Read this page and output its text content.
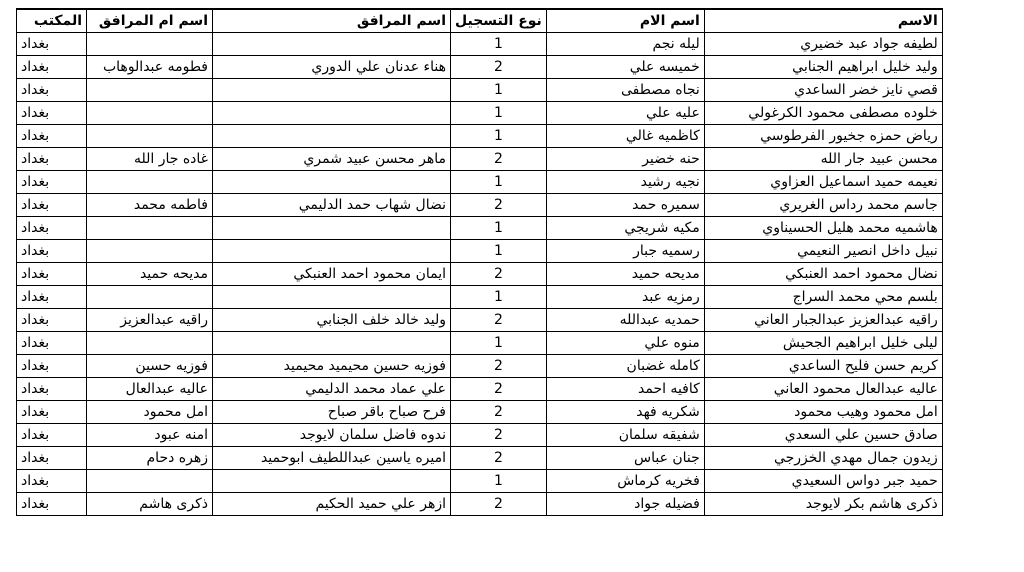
الاسم	اسم الام	نوع التسجيل	اسم المرافق	اسم ام المرافق	المكتب
لطيفه جواد عبد خضيري	ليله نجم	1			بغداد
وليد خليل ابراهيم الجنابي	خميسه علي	2	هناء عدنان علي الدوري	فطومه عبدالوهاب	بغداد
قصي نايز خضر الساعدي	نجاه مصطفى	1			بغداد
خلوده مصطفى محمود الكرغولي	عليه علي	1			بغداد
رياض حمزه جخيور الفرطوسي	كاظميه غالي	1			بغداد
محسن عبيد جار الله	حنه خضير	2	ماهر محسن عبيد شمري	غاده جار الله	بغداد
نعيمه حميد اسماعيل العزاوي	نجيه رشيد	1			بغداد
جاسم محمد رداس الغريري	سميره حمد	2	نضال شهاب حمد الدليمي	فاطمه محمد	بغداد
هاشميه محمد هليل الحسيناوي	مكيه شريجي	1			بغداد
نبيل داخل انصير النعيمي	رسميه جبار	1			بغداد
نضال محمود احمد العنبكي	مديحه حميد	2	ايمان محمود احمد العنبكي	مديحه حميد	بغداد
بلسم محي محمد السراج	رمزيه عبد	1			بغداد
راقيه عبدالعزيز عبدالجبار العاني	حمديه عبدالله	2	وليد خالد خلف الجنابي	راقيه عبدالعزيز	بغداد
ليلى خليل ابراهيم الجحيش	منوه علي	1			بغداد
كريم حسن فليح الساعدي	كامله غضبان	2	فوزيه حسين محيميد محيميد	فوزيه حسين	بغداد
عاليه عبدالعال محمود العاني	كافيه احمد	2	علي عماد محمد الدليمي	عاليه عبدالعال	بغداد
امل محمود وهيب محمود	شكريه فهد	2	فرح صباح باقر صباح	امل محمود	بغداد
صادق حسين علي السعدي	شفيقه سلمان	2	ندوه فاضل سلمان لايوجد	امنه عبود	بغداد
زيدون جمال مهدي الخزرجي	جنان عباس	2	اميره ياسين عبداللطيف ابوحميد	زهره دحام	بغداد
حميد جبر دواس السعيدي	فخريه كرماش	1			بغداد
ذكرى هاشم بكر لايوجد	فضيله جواد	2	ازهر علي حميد الحكيم	ذكرى هاشم	بغداد
